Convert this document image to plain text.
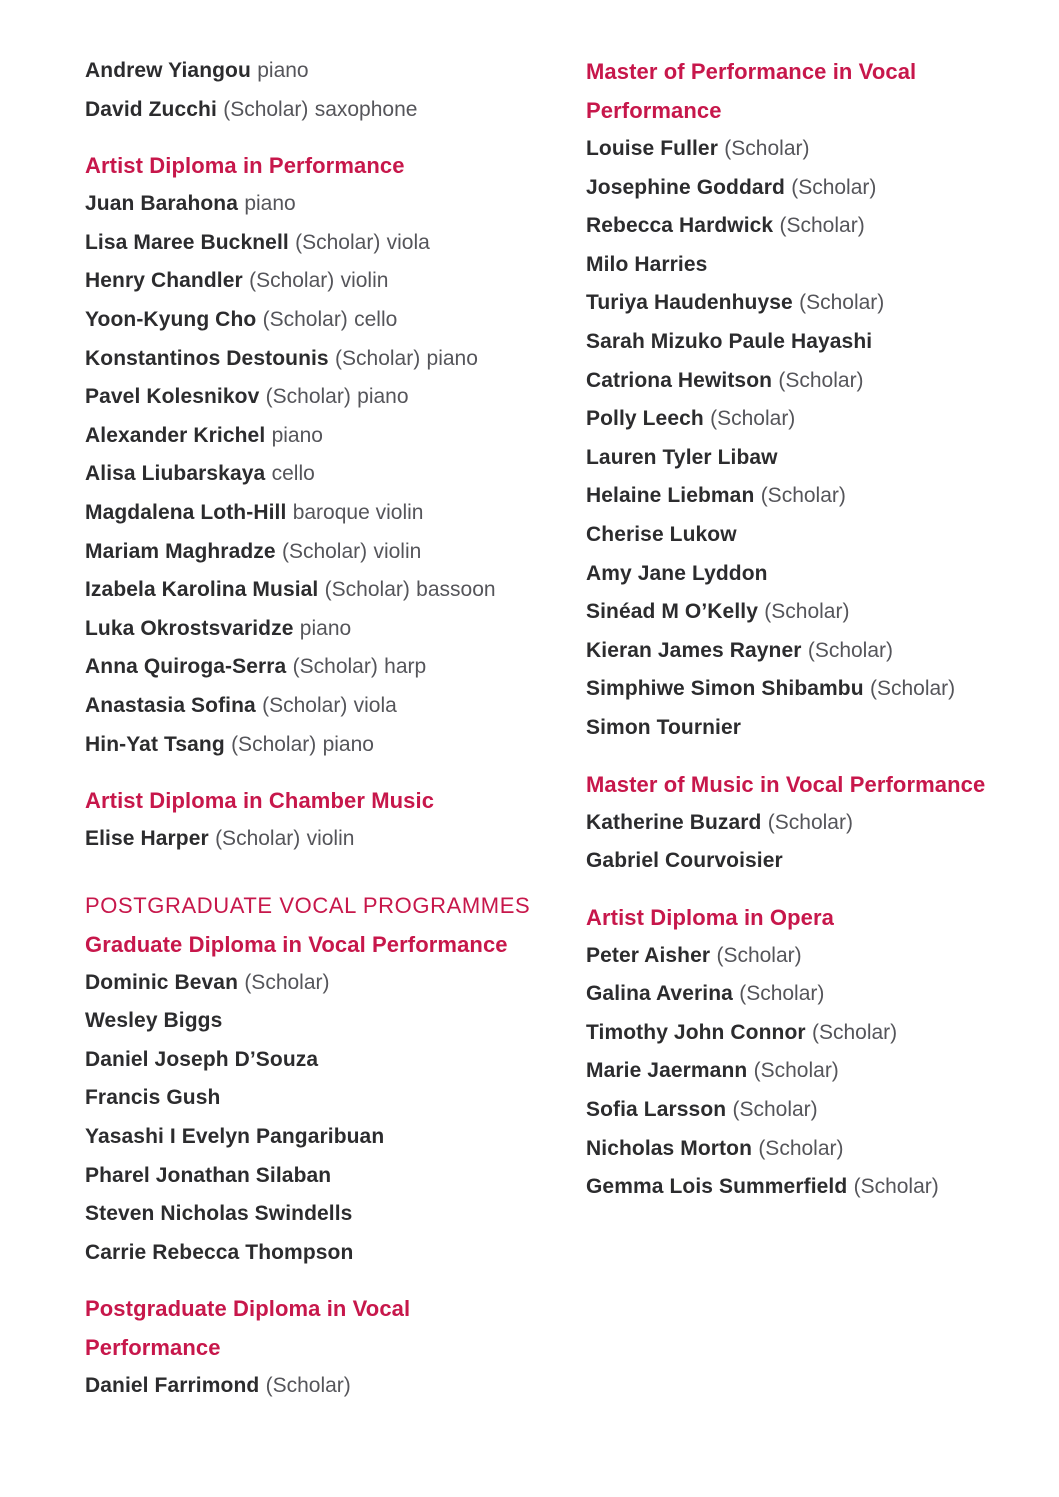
Andrew Yiangou piano
David Zucchi (Scholar) saxophone
Artist Diploma in Performance
Juan Barahona piano
Lisa Maree Bucknell (Scholar) viola
Henry Chandler (Scholar) violin
Yoon-Kyung Cho (Scholar) cello
Konstantinos Destounis (Scholar) piano
Pavel Kolesnikov (Scholar) piano
Alexander Krichel piano
Alisa Liubarskaya cello
Magdalena Loth-Hill baroque violin
Mariam Maghradze (Scholar) violin
Izabela Karolina Musial (Scholar) bassoon
Luka Okrostsvaridze piano
Anna Quiroga-Serra (Scholar) harp
Anastasia Sofina (Scholar) viola
Hin-Yat Tsang (Scholar) piano
Artist Diploma in Chamber Music
Elise Harper (Scholar) violin
POSTGRADUATE VOCAL PROGRAMMES
Graduate Diploma in Vocal Performance
Dominic Bevan (Scholar)
Wesley Biggs
Daniel Joseph D’Souza
Francis Gush
Yasashi I Evelyn Pangaribuan
Pharel Jonathan Silaban
Steven Nicholas Swindells
Carrie Rebecca Thompson
Postgraduate Diploma in Vocal Performance
Daniel Farrimond (Scholar)
Master of Performance in Vocal Performance
Louise Fuller (Scholar)
Josephine Goddard (Scholar)
Rebecca Hardwick (Scholar)
Milo Harries
Turiya Haudenhuyse (Scholar)
Sarah Mizuko Paule Hayashi
Catriona Hewitson (Scholar)
Polly Leech (Scholar)
Lauren Tyler Libaw
Helaine Liebman (Scholar)
Cherise Lukow
Amy Jane Lyddon
Sinéad M O’Kelly (Scholar)
Kieran James Rayner (Scholar)
Simphiwe Simon Shibambu (Scholar)
Simon Tournier
Master of Music in Vocal Performance
Katherine Buzard (Scholar)
Gabriel Courvoisier
Artist Diploma in Opera
Peter Aisher (Scholar)
Galina Averina (Scholar)
Timothy John Connor (Scholar)
Marie Jaermann (Scholar)
Sofia Larsson (Scholar)
Nicholas Morton (Scholar)
Gemma Lois Summerfield (Scholar)
